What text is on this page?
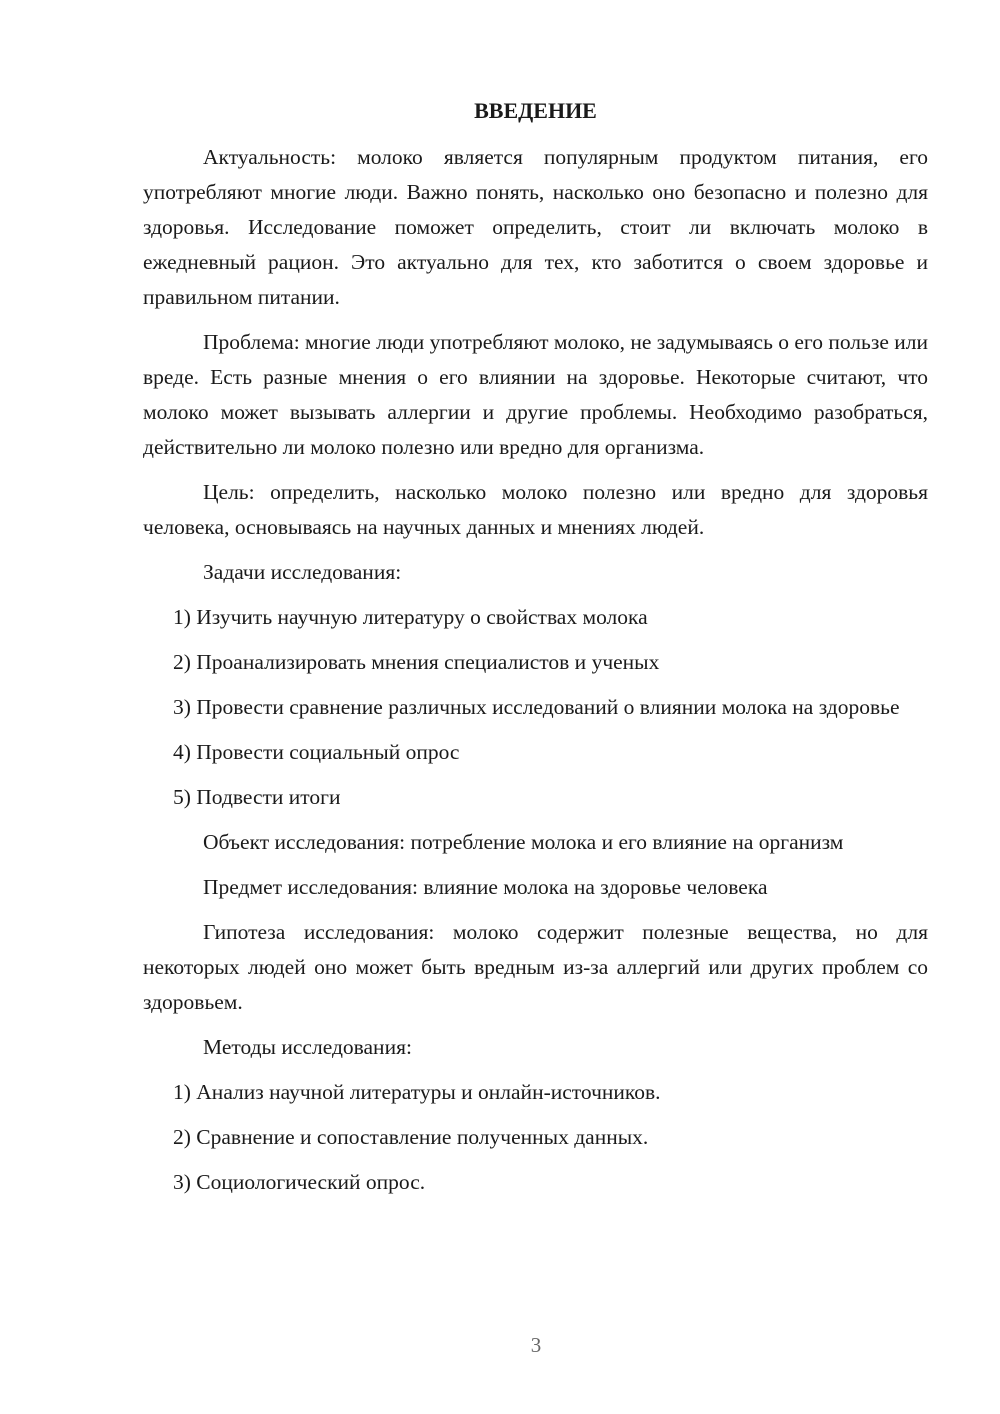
ВВЕДЕНИЕ

Актуальность: молоко является популярным продуктом питания, его употребляют многие люди. Важно понять, насколько оно безопасно и полезно для здоровья. Исследование поможет определить, стоит ли включать молоко в ежедневный рацион. Это актуально для тех, кто заботится о своем здоровье и правильном питании.

Проблема: многие люди употребляют молоко, не задумываясь о его пользе или вреде. Есть разные мнения о его влиянии на здоровье. Некоторые считают, что молоко может вызывать аллергии и другие проблемы. Необходимо разобраться, действительно ли молоко полезно или вредно для организма.

Цель: определить, насколько молоко полезно или вредно для здоровья человека, основываясь на научных данных и мнениях людей.

Задачи исследования:

1) Изучить научную литературу о свойствах молока

2) Проанализировать мнения специалистов и ученых

3) Провести сравнение различных исследований о влиянии молока на здоровье

4) Провести социальный опрос

5) Подвести итоги

Объект исследования: потребление молока и его влияние на организм

Предмет исследования: влияние молока на здоровье человека

Гипотеза исследования: молоко содержит полезные вещества, но для некоторых людей оно может быть вредным из-за аллергий или других проблем со здоровьем.

Методы исследования:

1) Анализ научной литературы и онлайн-источников.

2) Сравнение и сопоставление полученных данных.

3) Социологический опрос.

3
